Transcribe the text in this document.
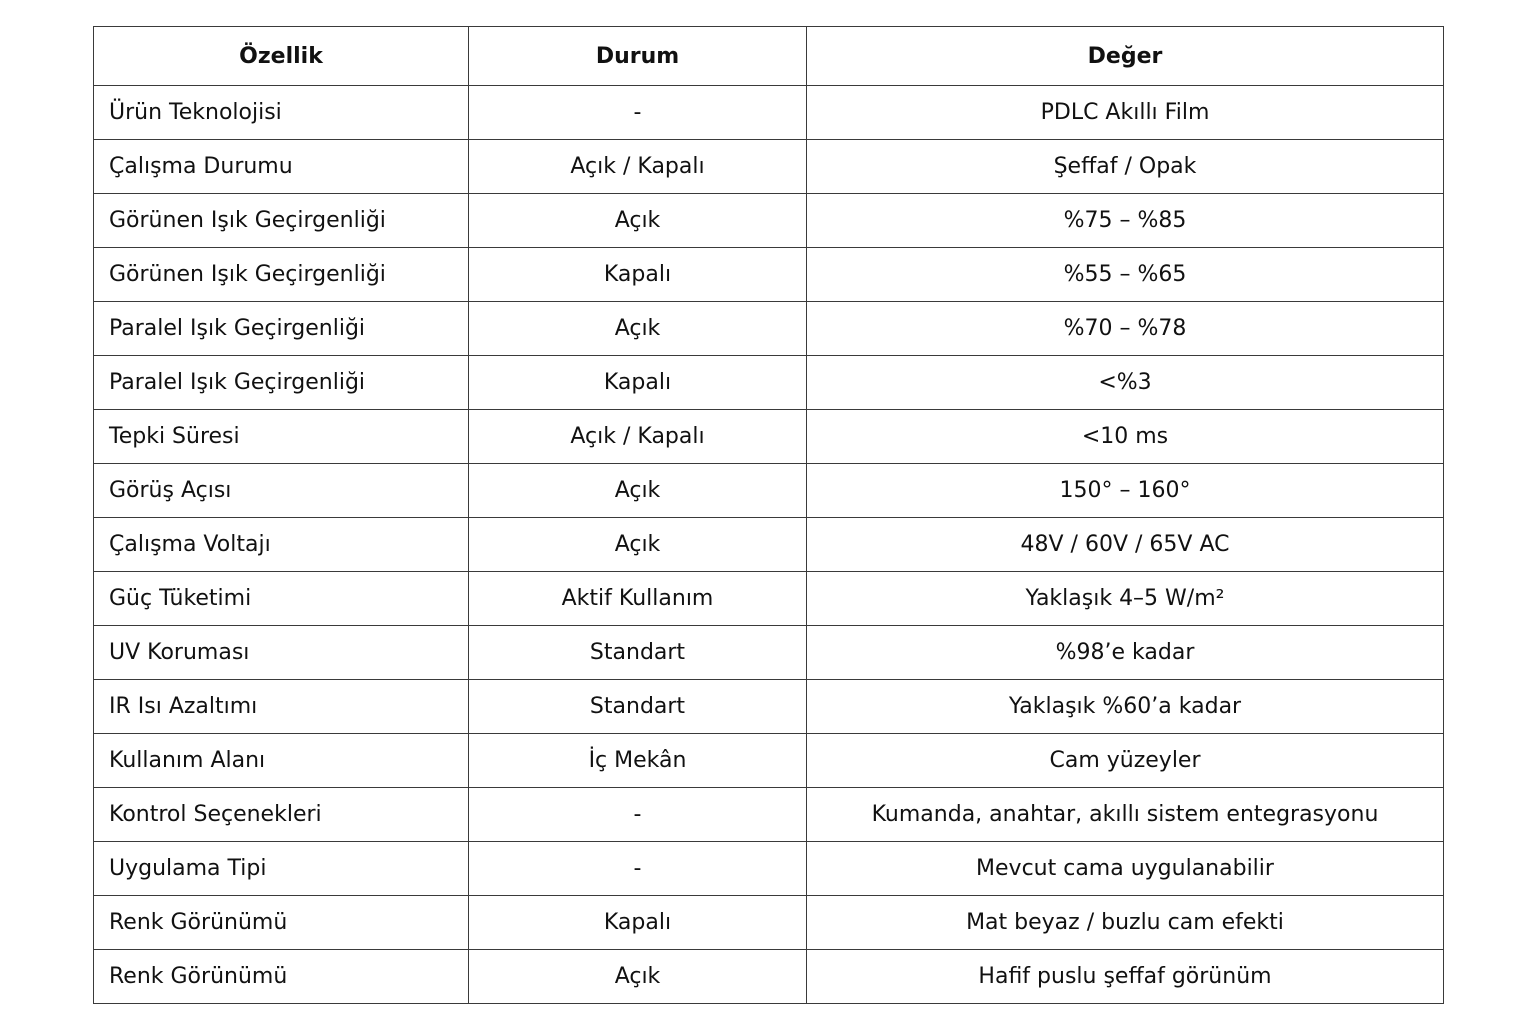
Özellik	Durum	Değer
Ürün Teknolojisi	-	PDLC Akıllı Film
Çalışma Durumu	Açık / Kapalı	Şeffaf / Opak
Görünen Işık Geçirgenliği	Açık	%75 – %85
Görünen Işık Geçirgenliği	Kapalı	%55 – %65
Paralel Işık Geçirgenliği	Açık	%70 – %78
Paralel Işık Geçirgenliği	Kapalı	<%3
Tepki Süresi	Açık / Kapalı	<10 ms
Görüş Açısı	Açık	150° – 160°
Çalışma Voltajı	Açık	48V / 60V / 65V AC
Güç Tüketimi	Aktif Kullanım	Yaklaşık 4–5 W/m²
UV Koruması	Standart	%98’e kadar
IR Isı Azaltımı	Standart	Yaklaşık %60’a kadar
Kullanım Alanı	İç Mekân	Cam yüzeyler
Kontrol Seçenekleri	-	Kumanda, anahtar, akıllı sistem entegrasyonu
Uygulama Tipi	-	Mevcut cama uygulanabilir
Renk Görünümü	Kapalı	Mat beyaz / buzlu cam efekti
Renk Görünümü	Açık	Hafif puslu şeffaf görünüm
